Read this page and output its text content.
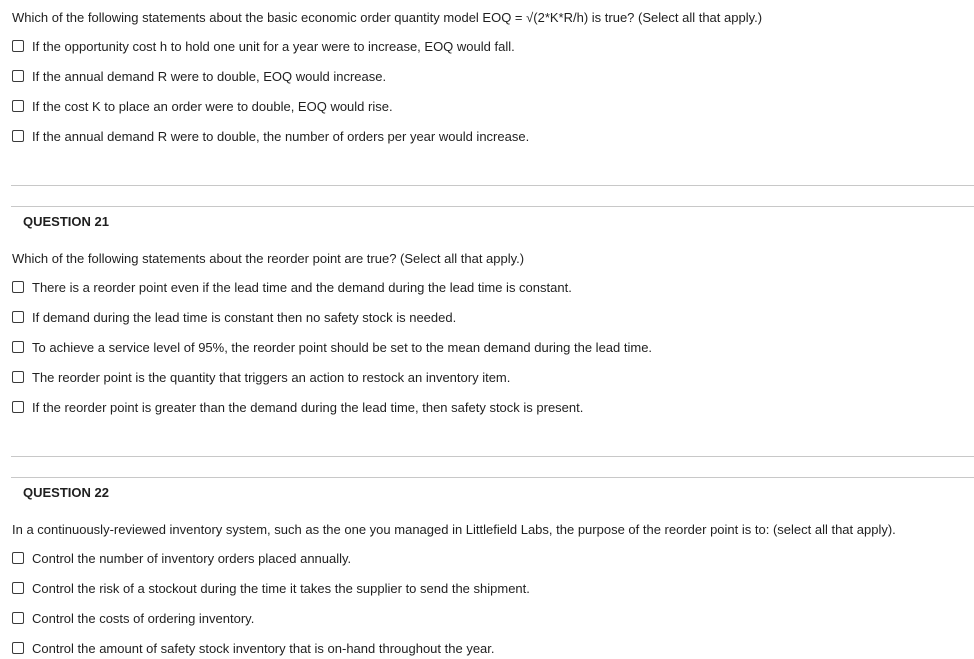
Which of the following statements about the basic economic order quantity model EOQ = √(2*K*R/h) is true? (Select all that apply.)
If the opportunity cost h to hold one unit for a year were to increase, EOQ would fall.
If the annual demand R were to double, EOQ would increase.
If the cost K to place an order were to double, EOQ would rise.
If the annual demand R were to double, the number of orders per year would increase.
QUESTION 21
Which of the following statements about the reorder point are true? (Select all that apply.)
There is a reorder point even if the lead time and the demand during the lead time is constant.
If demand during the lead time is constant then no safety stock is needed.
To achieve a service level of 95%, the reorder point should be set to the mean demand during the lead time.
The reorder point is the quantity that triggers an action to restock an inventory item.
If the reorder point is greater than the demand during the lead time, then safety stock is present.
QUESTION 22
In a continuously-reviewed inventory system, such as the one you managed in Littlefield Labs, the purpose of the reorder point is to: (select all that apply).
Control the number of inventory orders placed annually.
Control the risk of a stockout during the time it takes the supplier to send the shipment.
Control the costs of ordering inventory.
Control the amount of safety stock inventory that is on-hand throughout the year.
